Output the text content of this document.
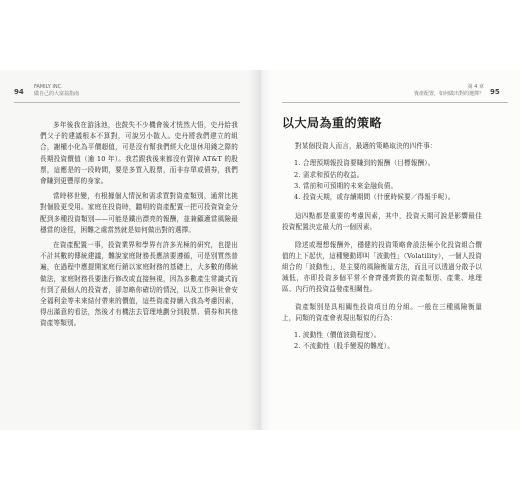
94
FAMILY INC.
做自己的大富翁指南

多年後我在游泳池，也鼓失不少機會後才恍然大悟，史丹給我們父子的建議根本不算對，可說另小散人。史丹將我們建立的組合，謝權小化為平價超值，可是沒有幫我們經大化退休用錢之際的長期投資價值（逾 10 年）。我若跟我後來都沒有賣掉 AT&T 的股票，這應是的一段時間，要是多買入股票，而非存單或債券，我們會賺到更豐厚的身家。

當時移世變，有根據個人情況和需求買對資產類別，通常比挑對個股更受用。家庭在投資時，聽明的資產配置一把可投資資金分配到多種投資類別——可能是鐵出漂亮的報酬，並兼顧適當風險最穩當的途徑，困難之處當然就是如何做出對的選擇。

在資產配置一事，投資業界和學界有許多光極的研究，也提出不計其數的傳統建議，難說家庭財務長應該要遵循，可是別質然普遍，在過程中應提開家庭行銷以家庭財務的基礎上，大多數的傳統做法，家庭財務長要進行修改或直接無視，因為多數產生常識式而有到了最個人的投資者，卻忽略你確切的情況，以及工作與社會安全福利金等未來結付帶來的價值，這些資產持續入我為考慮因素，得出滿意的看法，然後才有機法去管理地劃分到股票、債券和其他資產等類別。

第 4 章
資產配置，如何做出對的選擇？ 95
以大局為重的策略

對某個投資人而言，最適的策略取決的四件事：

1. 合理預期報投資要賺到的報酬（目標報酬）。
2. 需求和預估的收益。
3. 當前和可預期的未來金融負債。
4. 投資天期，或存續期間（什麼時候要／得報手呢）。

這四點都是重要的考慮因素，其中，投資天期可說是影響最佳投資配置決定最大的一個因素。

除述或理想報酬外，穩健的投資策略會設法極小化投資組合價值的上下起伏，這種變動即叫「波動性」（Volatility），一個人投資組合的「波動性」，是主要的風險衡量方法，而且可以透過分散予以減低，亦即投資多個平常不會齊漲齊跌的資產類別、產業、地理區、內行的投資益發產相關性。

資產類別是具相關性投資項目的分組。一般在三種風險衡量上，同類的資產會表現出類似的行為：

1. 波動性（價值波動程度）。
2. 不流動性（股手變現的難度）。
